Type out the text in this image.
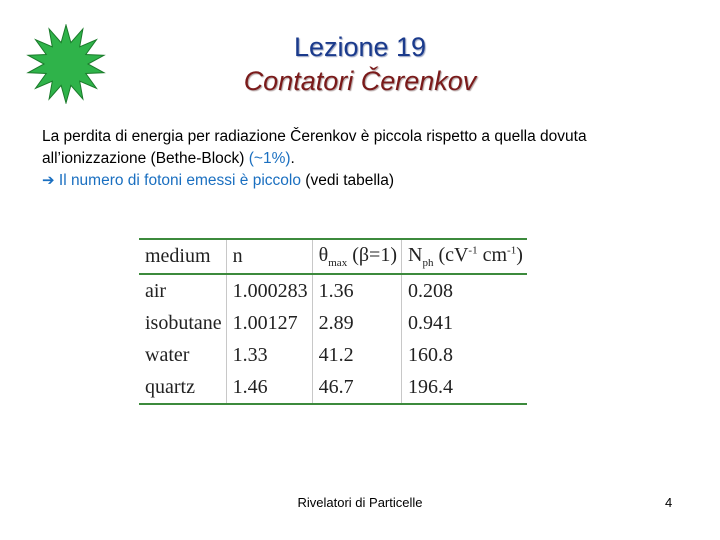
Lezione 19
Contatori Čerenkov
La perdita di energia per radiazione Čerenkov è piccola rispetto a quella dovuta all’ionizzazione (Bethe-Block) (~1%).
➔ Il numero di fotoni emessi è piccolo (vedi tabella)
medium	n	$\theta_{max}$ (β=1)	$N_{ph}$ ($cV^{-1}$ $cm^{-1}$)
air	1.000283	1.36	0.208
isobutane	1.00127	2.89	0.941
water	1.33	41.2	160.8
quartz	1.46	46.7	196.4
Rivelatori di Particelle	4
